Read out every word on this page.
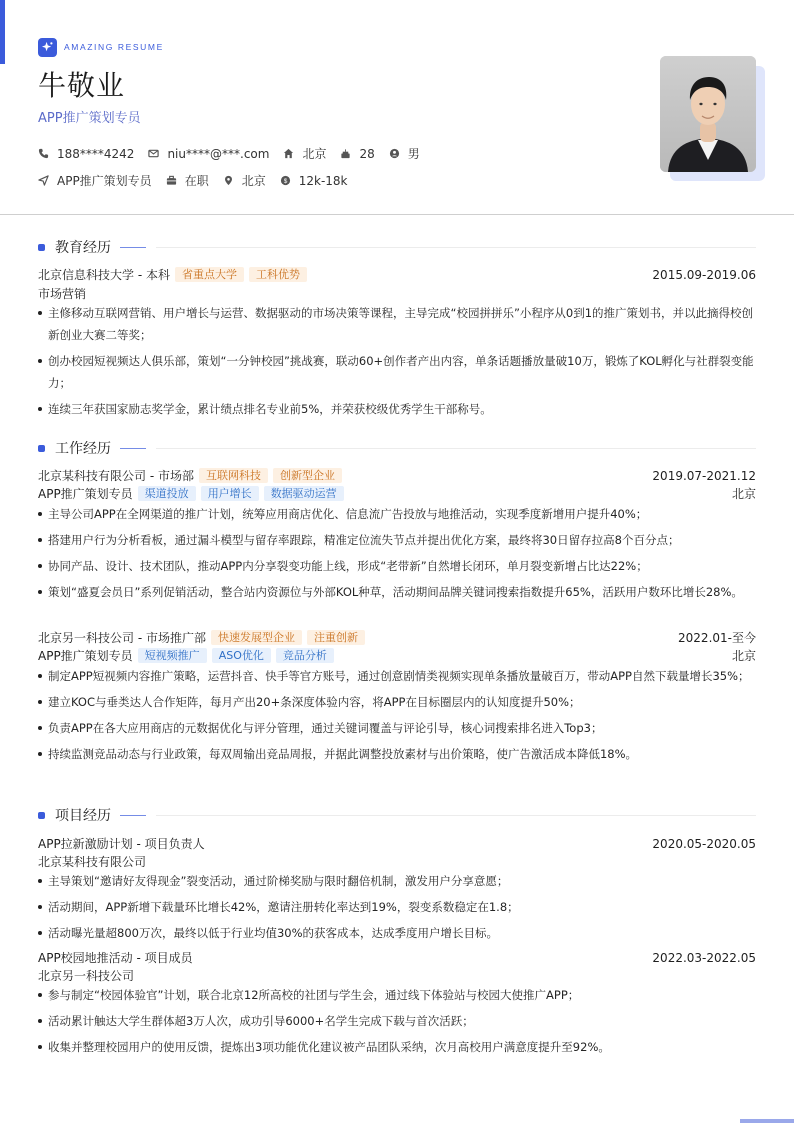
AMAZING RESUME
牛敬业
APP推广策划专员
188****4242	niu****@***.com	北京	28	男
APP推广策划专员	在职	北京	$ 12k-18k
教育经历
北京信息科技大学 - 本科	省重点大学	工科优势	2015.09-2019.06
市场营销
主修移动互联网营销、用户增长与运营、数据驱动的市场决策等课程，主导完成“校园拼拼乐”小程序从0到1的推广策划书，并以此摘得校创新创业大赛二等奖；
创办校园短视频达人俱乐部，策划“一分钟校园”挑战赛，联动60+创作者产出内容，单条话题播放量破10万，锻炼了KOL孵化与社群裂变能力；
连续三年获国家励志奖学金，累计绩点排名专业前5%，并荣获校级优秀学生干部称号。
工作经历
北京某科技有限公司 - 市场部	互联网科技	创新型企业	2019.07-2021.12
APP推广策划专员	渠道投放	用户增长	数据驱动运营	北京
主导公司APP在全网渠道的推广计划，统筹应用商店优化、信息流广告投放与地推活动，实现季度新增用户提升40%；
搭建用户行为分析看板，通过漏斗模型与留存率跟踪，精准定位流失节点并提出优化方案，最终将30日留存拉高8个百分点；
协同产品、设计、技术团队，推动APP内分享裂变功能上线，形成“老带新”自然增长闭环，单月裂变新增占比达22%；
策划“盛夏会员日”系列促销活动，整合站内资源位与外部KOL种草，活动期间品牌关键词搜索指数提升65%，活跃用户数环比增长28%。
北京另一科技公司 - 市场推广部	快速发展型企业	注重创新	2022.01-至今
APP推广策划专员	短视频推广	ASO优化	竞品分析	北京
制定APP短视频内容推广策略，运营抖音、快手等官方账号，通过创意剧情类视频实现单条播放量破百万，带动APP自然下载量增长35%；
建立KOC与垂类达人合作矩阵，每月产出20+条深度体验内容，将APP在目标圈层内的认知度提升50%；
负责APP在各大应用商店的元数据优化与评分管理，通过关键词覆盖与评论引导，核心词搜索排名进入Top3；
持续监测竞品动态与行业政策，每双周输出竞品周报，并据此调整投放素材与出价策略，使广告激活成本降低18%。
项目经历
APP拉新激励计划 - 项目负责人	2020.05-2020.05
北京某科技有限公司
主导策划“邀请好友得现金”裂变活动，通过阶梯奖励与限时翻倍机制，激发用户分享意愿；
活动期间，APP新增下载量环比增长42%，邀请注册转化率达到19%，裂变系数稳定在1.8；
活动曝光量超800万次，最终以低于行业均值30%的获客成本，达成季度用户增长目标。
APP校园地推活动 - 项目成员	2022.03-2022.05
北京另一科技公司
参与制定“校园体验官”计划，联合北京12所高校的社团与学生会，通过线下体验站与校园大使推广APP；
活动累计触达大学生群体超3万人次，成功引导6000+名学生完成下载与首次活跃；
收集并整理校园用户的使用反馈，提炼出3项功能优化建议被产品团队采纳，次月高校用户满意度提升至92%。
